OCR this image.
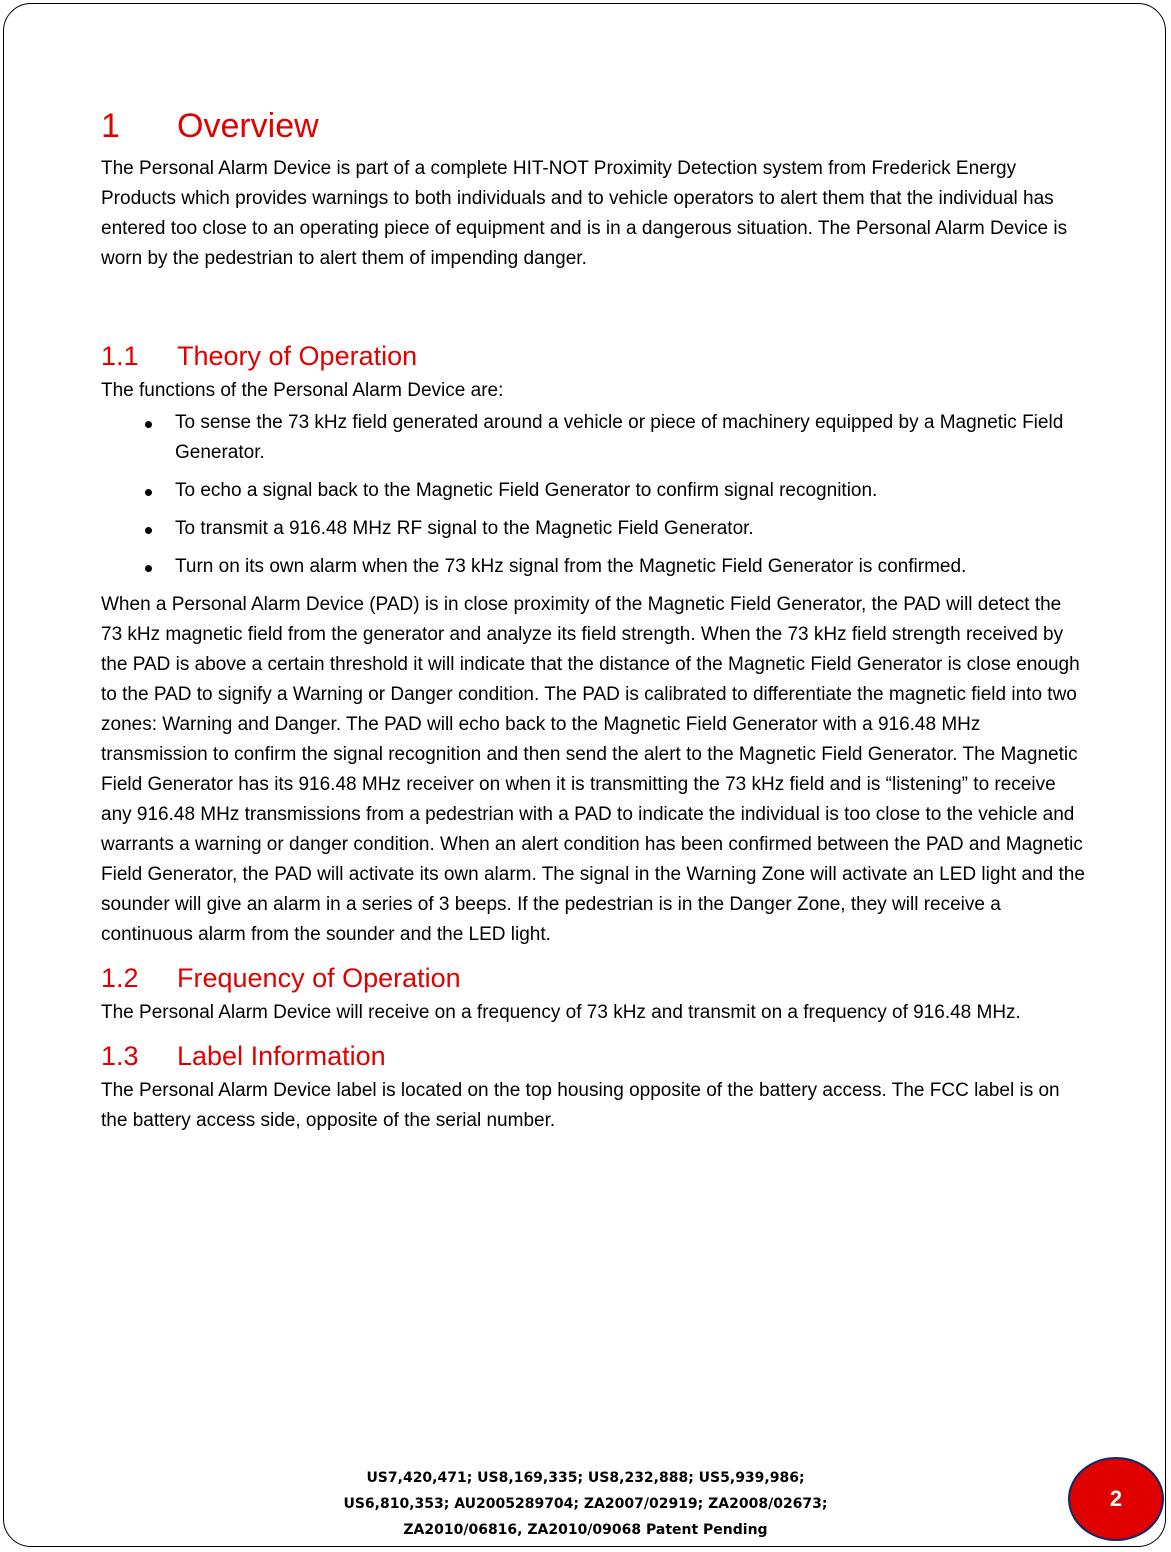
1	Overview

The Personal Alarm Device is part of a complete HIT-NOT Proximity Detection system from Frederick Energy Products which provides warnings to both individuals and to vehicle operators to alert them that the individual has entered too close to an operating piece of equipment and is in a dangerous situation. The Personal Alarm Device is worn by the pedestrian to alert them of impending danger.

1.1	Theory of Operation

The functions of the Personal Alarm Device are:

To sense the 73 kHz field generated around a vehicle or piece of machinery equipped by a Magnetic Field Generator.
To echo a signal back to the Magnetic Field Generator to confirm signal recognition.
To transmit a 916.48 MHz RF signal to the Magnetic Field Generator.
Turn on its own alarm when the 73 kHz signal from the Magnetic Field Generator is confirmed.

When a Personal Alarm Device (PAD) is in close proximity of the Magnetic Field Generator, the PAD will detect the 73 kHz magnetic field from the generator and analyze its field strength. When the 73 kHz field strength received by the PAD is above a certain threshold it will indicate that the distance of the Magnetic Field Generator is close enough to the PAD to signify a Warning or Danger condition. The PAD is calibrated to differentiate the magnetic field into two zones: Warning and Danger. The PAD will echo back to the Magnetic Field Generator with a 916.48 MHz transmission to confirm the signal recognition and then send the alert to the Magnetic Field Generator. The Magnetic Field Generator has its 916.48 MHz receiver on when it is transmitting the 73 kHz field and is “listening” to receive any 916.48 MHz transmissions from a pedestrian with a PAD to indicate the individual is too close to the vehicle and warrants a warning or danger condition. When an alert condition has been confirmed between the PAD and Magnetic Field Generator, the PAD will activate its own alarm. The signal in the Warning Zone will activate an LED light and the sounder will give an alarm in a series of 3 beeps. If the pedestrian is in the Danger Zone, they will receive a continuous alarm from the sounder and the LED light.

1.2	Frequency of Operation

The Personal Alarm Device will receive on a frequency of 73 kHz and transmit on a frequency of 916.48 MHz.

1.3	Label Information

The Personal Alarm Device label is located on the top housing opposite of the battery access. The FCC label is on the battery access side, opposite of the serial number.

US7,420,471; US8,169,335; US8,232,888; US5,939,986;
US6,810,353; AU2005289704; ZA2007/02919; ZA2008/02673;
ZA2010/06816, ZA2010/09068 Patent Pending
2
